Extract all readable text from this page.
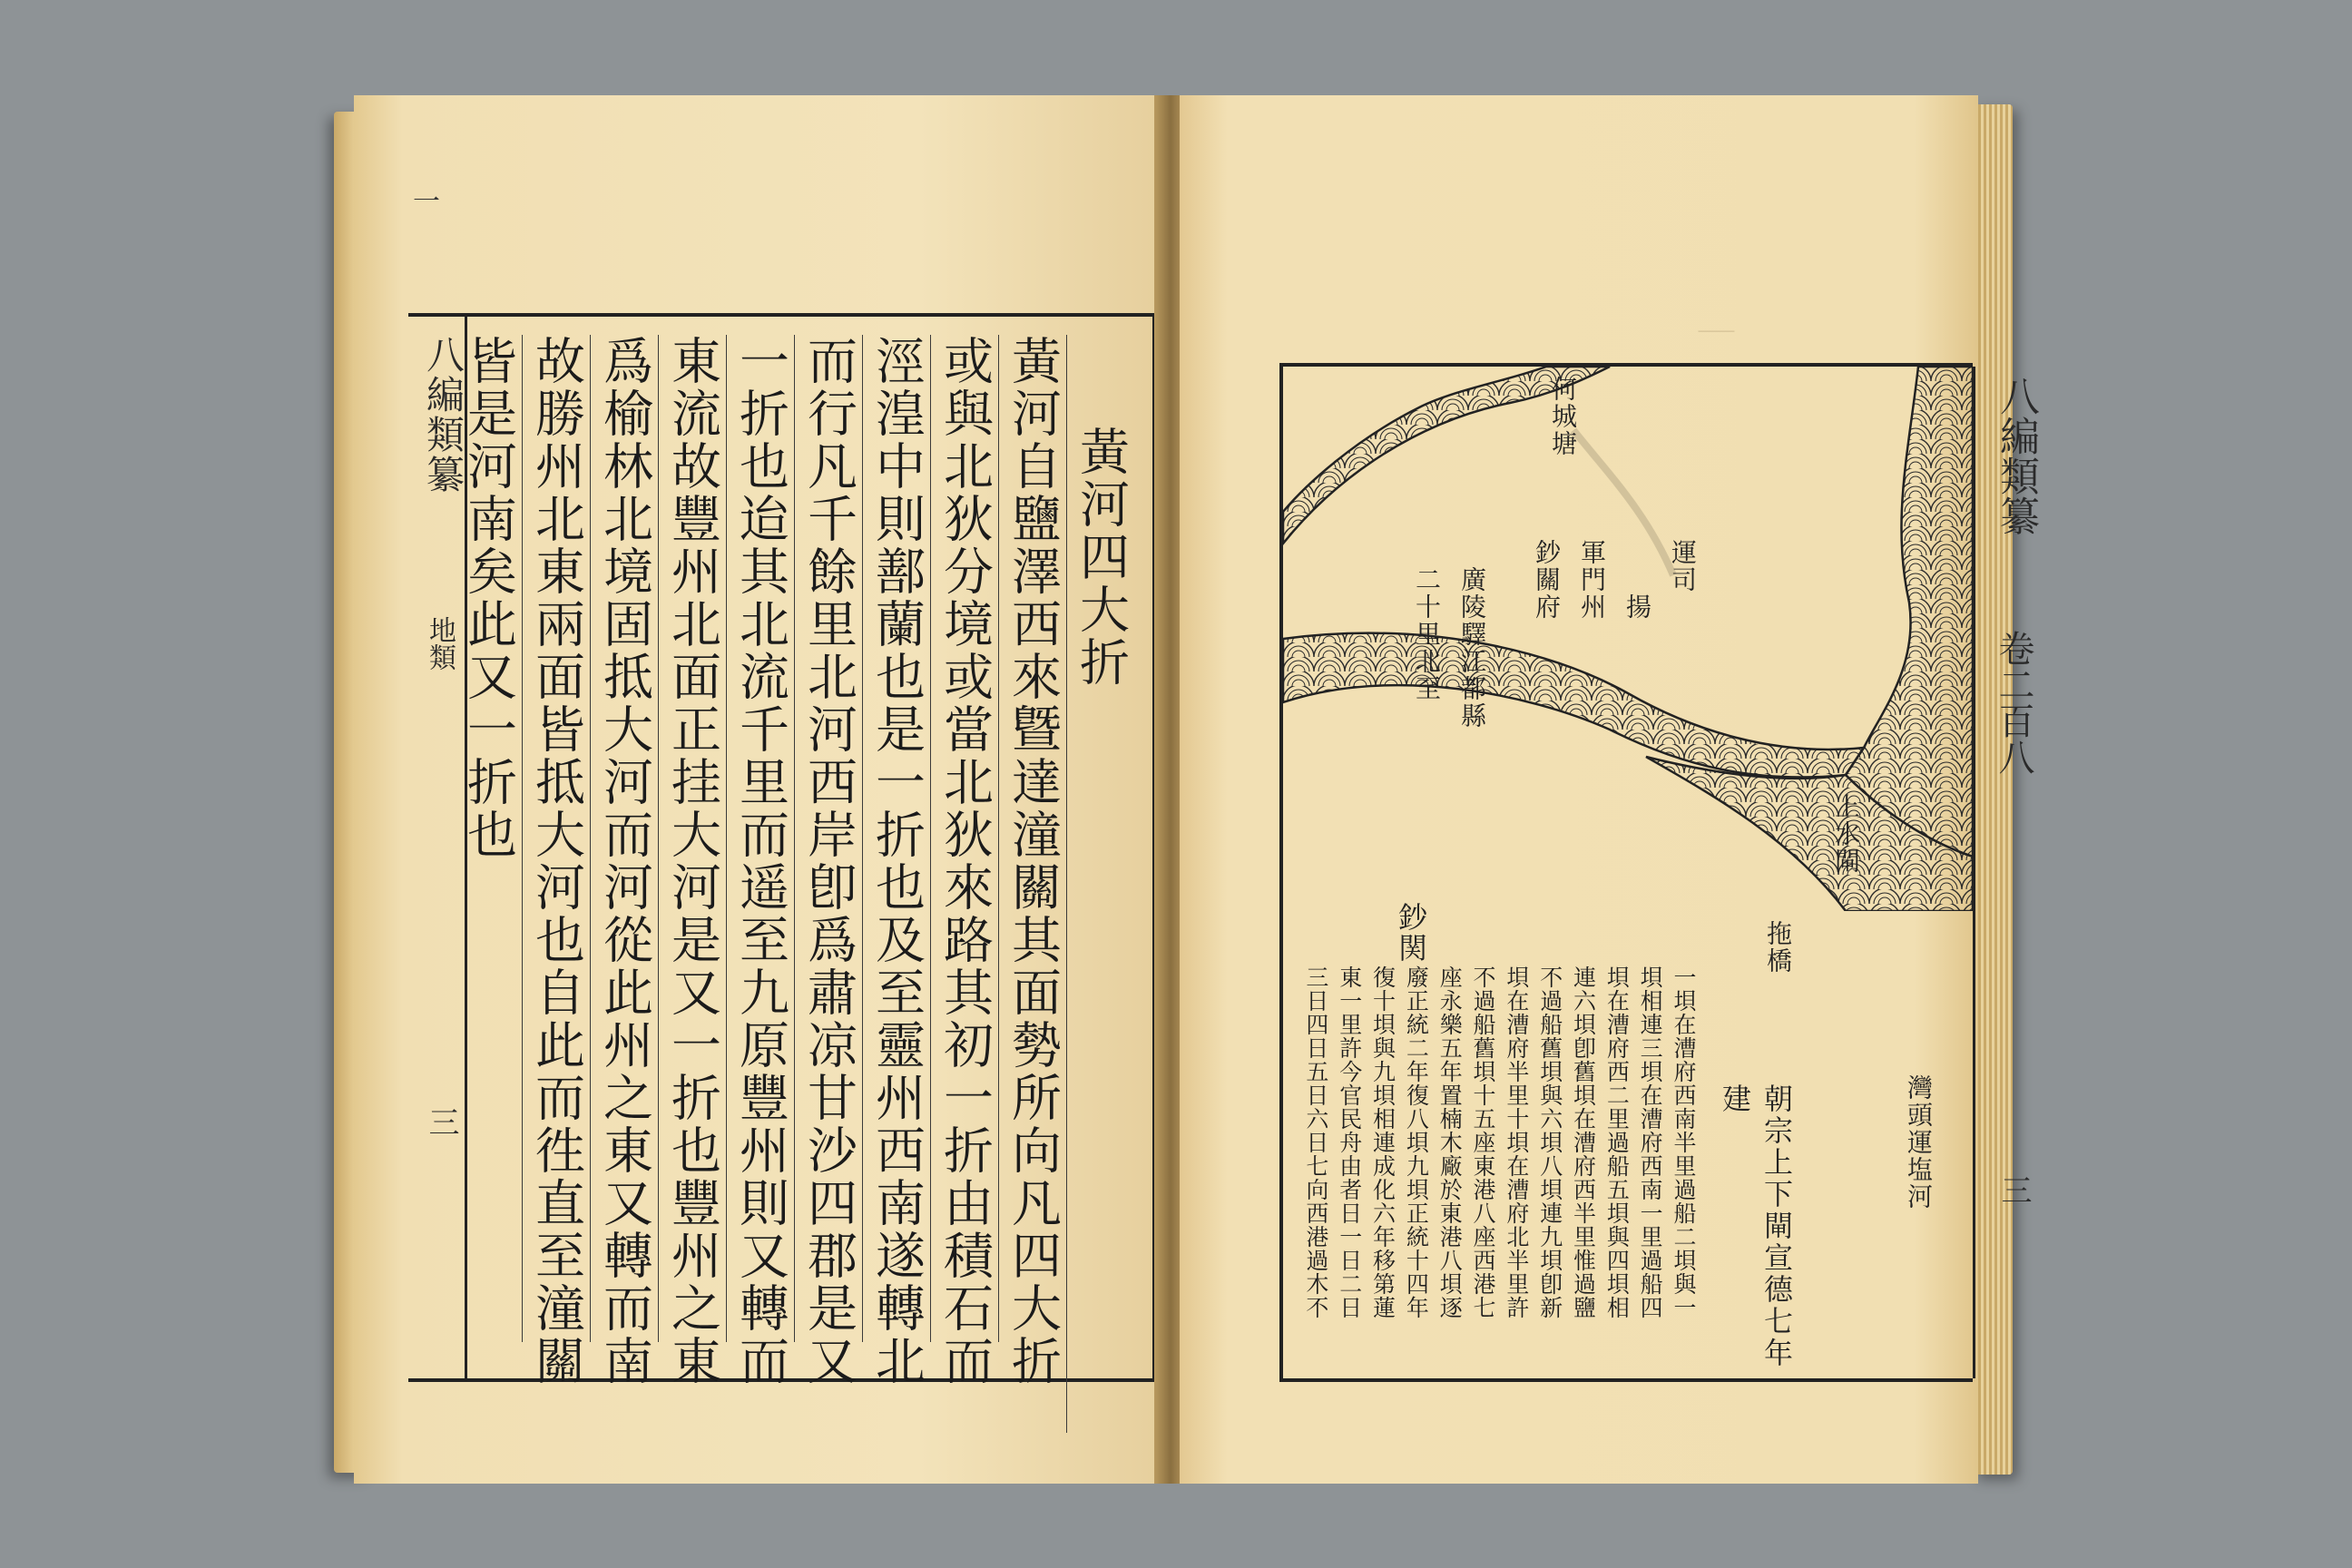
一
八編類纂
地類
三
黃河四大折
黃河自鹽澤西來曁達潼關其面勢所向凡四大折
或與北狄分境或當北狄來路其初一折由積石而
涇湟中則鄯蘭也是一折也及至靈州西南遂轉北
而行凡千餘里北河西岸卽爲肅凉甘沙四郡是又
一折也迨其北流千里而遥至九原豐州則又轉而
東流故豐州北面正挂大河是又一折也豐州之東
爲榆林北境固抵大河而河從此州之東又轉而南
故勝州北東兩面皆抵大河也自此而徃直至潼關
皆是河南矣此又一折也
｜
何城塘
運司
揚
軍門州
鈔關府
廣陵驛江都縣
二十里北至
上水閘
拖橋
鈔関
灣頭運塩河
朝宗上下閘宣德七年建
一垻在漕府西南半里過船二垻與一
垻相連三垻在漕府西南一里過船四
垻在漕府西二里過船五垻與四垻相
連六垻卽舊垻在漕府西半里惟過鹽
不過船舊垻與六垻八垻連九垻卽新
垻在漕府半里十垻在漕府北半里許
不過船舊垻十五座東港八座西港七
座永樂五年置楠木廠於東港八垻逐
廢正統二年復八垻九垻正統十四年
復十垻與九垻相連成化六年移第蓮
東一里許今官民舟由者日一日二日
三日四日五日六日七向西港過木不
八編類纂
卷二百八
三
